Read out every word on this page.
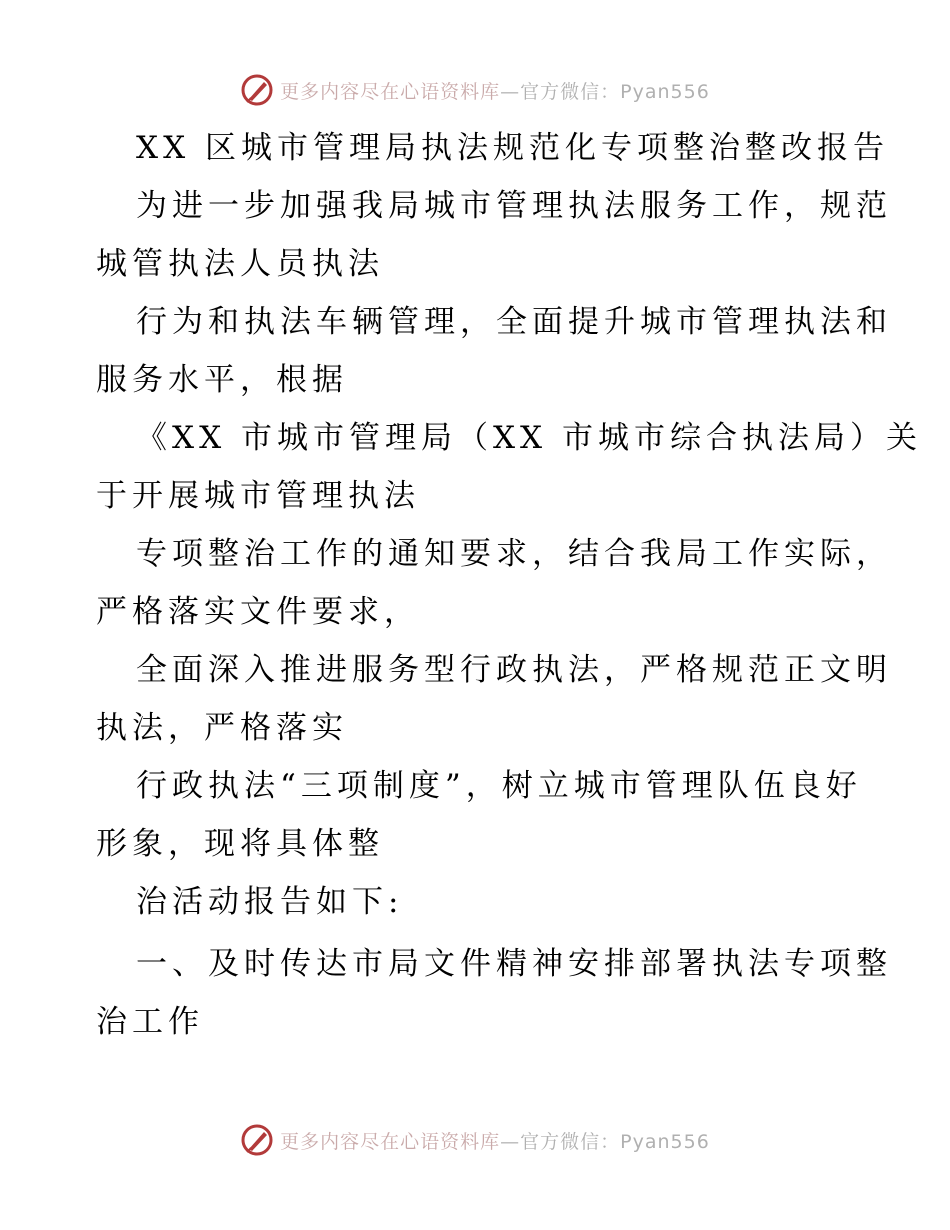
更多内容尽在心语资料库—官方微信：Pyan556
XX 区城市管理局执法规范化专项整治整改报告
为进一步加强我局城市管理执法服务工作，规范
城管执法人员执法
行为和执法车辆管理，全面提升城市管理执法和
服务水平，根据
《XX 市城市管理局（XX 市城市综合执法局）关
于开展城市管理执法
专项整治工作的通知要求，结合我局工作实际，
严格落实文件要求，
全面深入推进服务型行政执法，严格规范正文明
执法，严格落实
行政执法“三项制度”，树立城市管理队伍良好
形象，现将具体整
治活动报告如下:
一、及时传达市局文件精神安排部署执法专项整
治工作
更多内容尽在心语资料库—官方微信：Pyan556
